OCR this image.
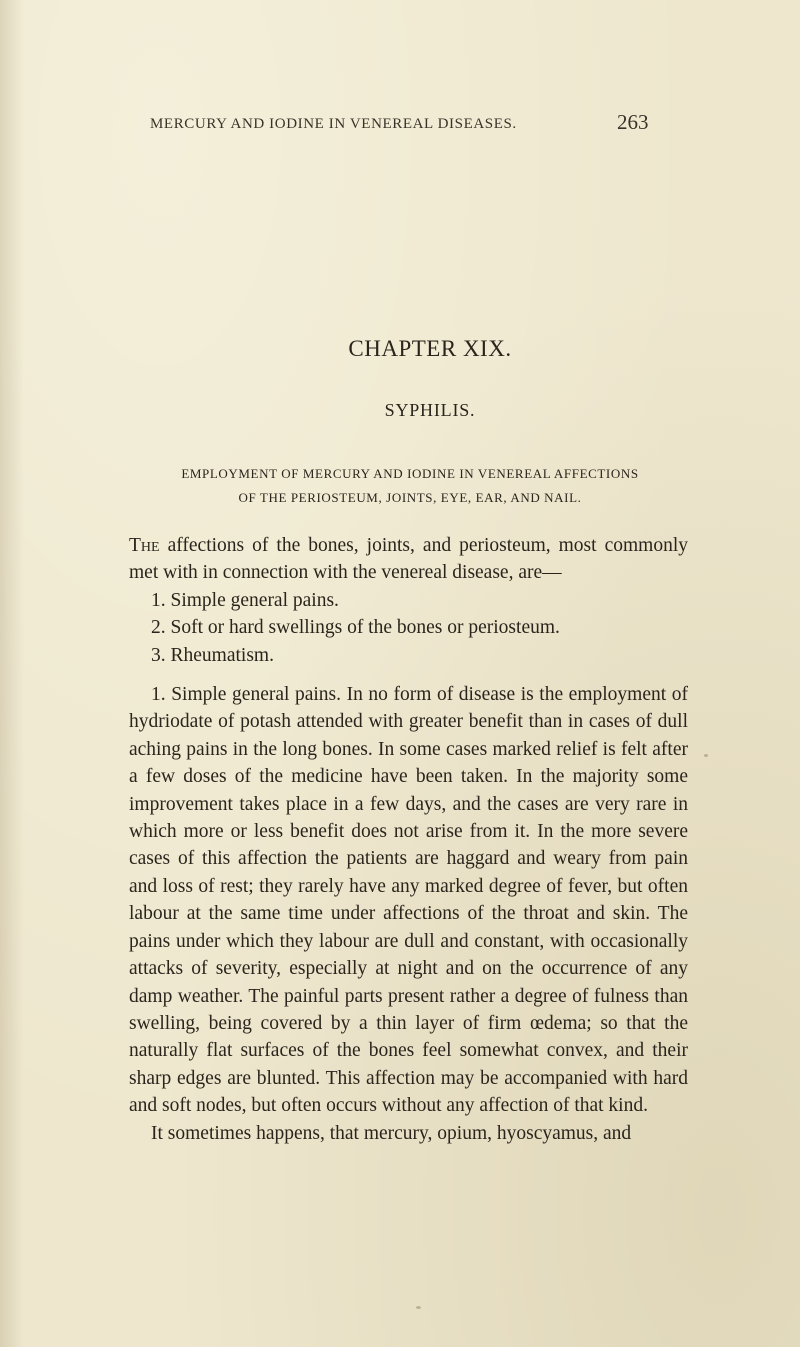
MERCURY AND IODINE IN VENEREAL DISEASES.	263
CHAPTER XIX.
SYPHILIS.
EMPLOYMENT OF MERCURY AND IODINE IN VENEREAL AFFECTIONS
OF THE PERIOSTEUM, JOINTS, EYE, EAR, AND NAIL.

The affections of the bones, joints, and periosteum, most commonly met with in connection with the venereal disease, are—

1. Simple general pains.

2. Soft or hard swellings of the bones or periosteum.

3. Rheumatism.

1. Simple general pains. In no form of disease is the employment of hydriodate of potash attended with greater benefit than in cases of dull aching pains in the long bones. In some cases marked relief is felt after a few doses of the medicine have been taken. In the majority some improvement takes place in a few days, and the cases are very rare in which more or less benefit does not arise from it. In the more severe cases of this affection the patients are haggard and weary from pain and loss of rest; they rarely have any marked degree of fever, but often labour at the same time under affections of the throat and skin. The pains under which they labour are dull and constant, with occasionally attacks of severity, especially at night and on the occurrence of any damp weather. The painful parts present rather a degree of fulness than swelling, being covered by a thin layer of firm œdema; so that the naturally flat surfaces of the bones feel somewhat convex, and their sharp edges are blunted. This affection may be accompanied with hard and soft nodes, but often occurs without any affection of that kind.

It sometimes happens, that mercury, opium, hyoscyamus, and
